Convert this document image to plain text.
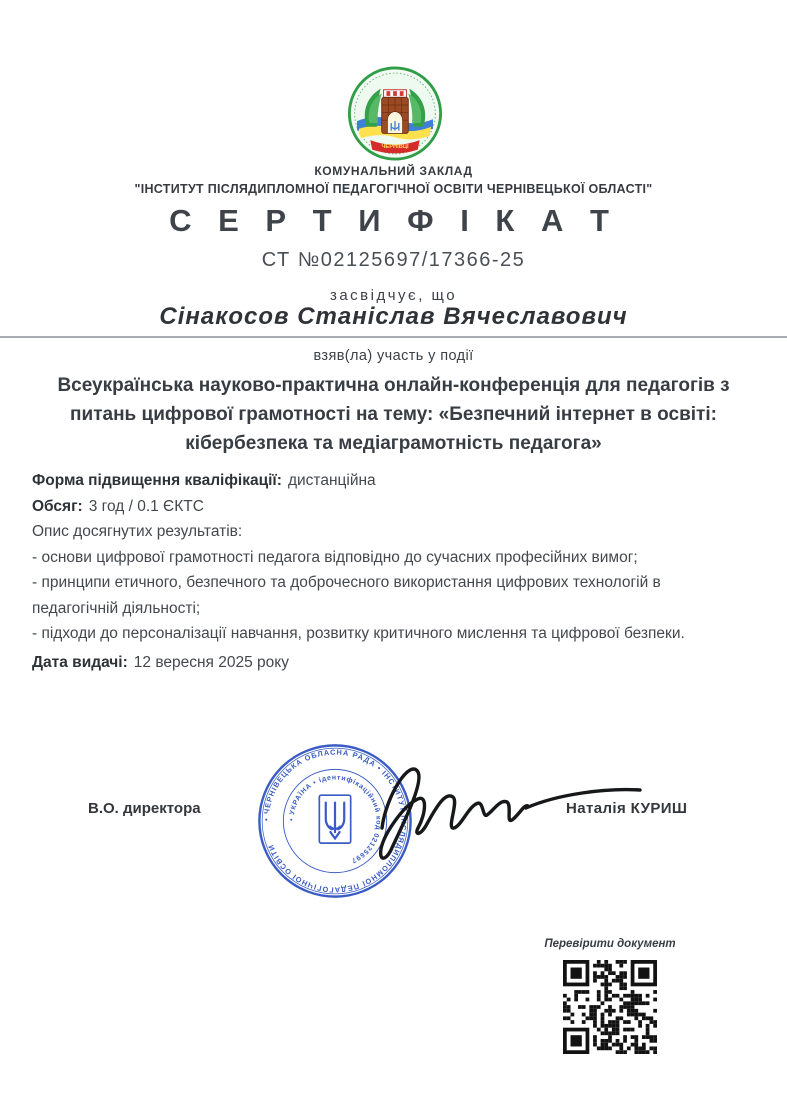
ЧЕРНІВЦІ
КОМУНАЛЬНИЙ ЗАКЛАД
"ІНСТИТУТ ПІСЛЯДИПЛОМНОЇ ПЕДАГОГІЧНОЇ ОСВІТИ ЧЕРНІВЕЦЬКОЇ ОБЛАСТІ"
С Е Р Т И Ф І К А Т
СТ №02125697/17366-25
засвідчує, що
Сінакосов Станіслав Вячеславович
взяв(ла) участь у події
Всеукраїнська науково-практична онлайн-конференція для педагогів з
питань цифрової грамотності на тему: «Безпечний інтернет в освіті:
кібербезпека та медіаграмотність педагога»
Форма підвищення кваліфікації: дистанційна
Обсяг: 3 год / 0.1 ЄКТС
Опис досягнутих результатів:
- основи цифрової грамотності педагога відповідно до сучасних професійних вимог;
- принципи етичного, безпечного та доброчесного використання цифрових технологій в педагогічній діяльності;
- підходи до персоналізації навчання, розвитку критичного мислення та цифрової безпеки.
Дата видачі: 12 вересня 2025 року
В.О. директора
• ЧЕРНІВЕЦЬКА ОБЛАСНА РАДА • ІНСТИТУТ ПІСЛЯДИПЛОМНОЇ ПЕДАГОГІЧНОЇ ОСВІТИ
• УКРАЇНА • ідентифікаційний код 02125697
Наталія КУРИШ
Перевірити документ
